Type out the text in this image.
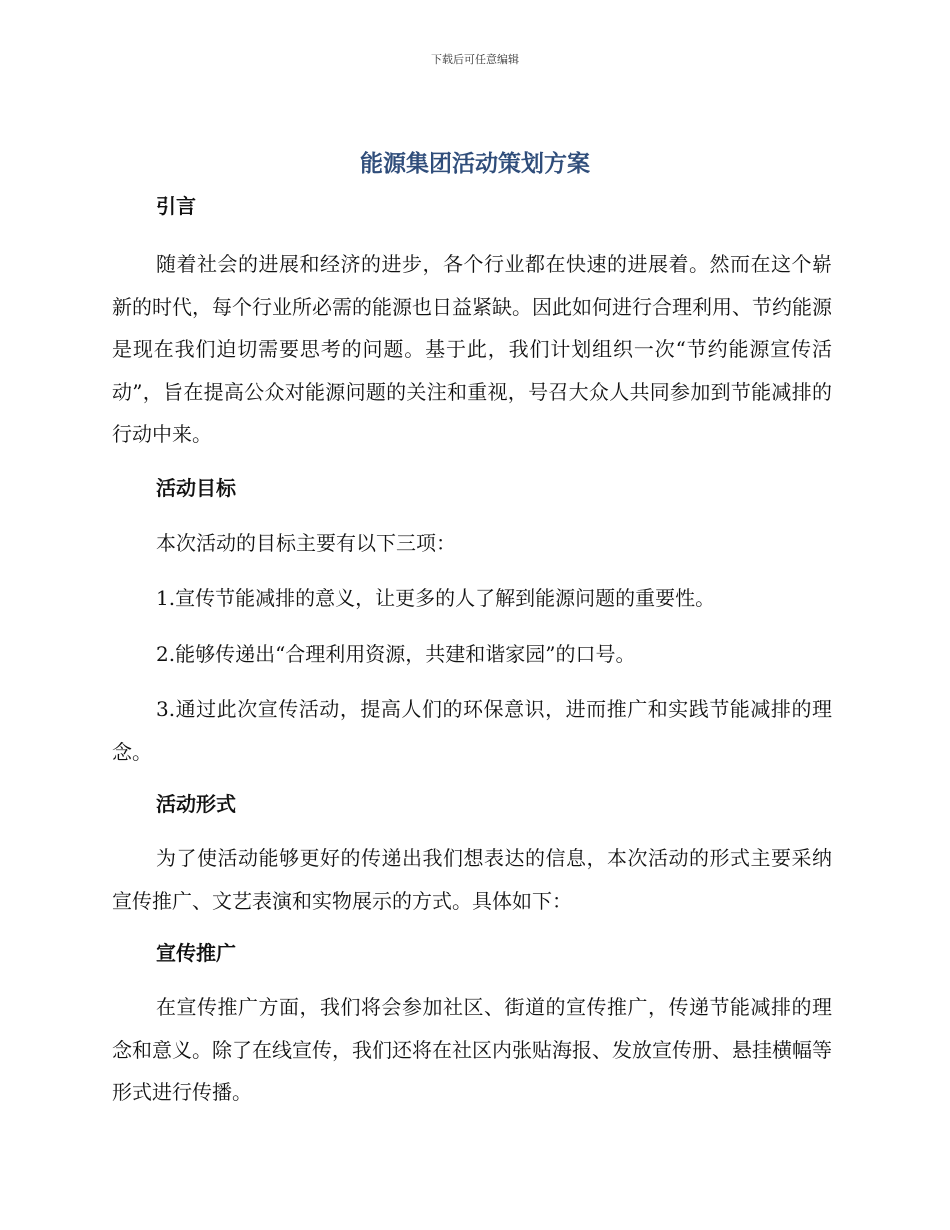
下载后可任意编辑
能源集团活动策划方案
引言

随着社会的进展和经济的进步，各个行业都在快速的进展着。然而在这个崭新的时代，每个行业所必需的能源也日益紧缺。因此如何进行合理利用、节约能源是现在我们迫切需要思考的问题。基于此，我们计划组织一次“节约能源宣传活动”，旨在提高公众对能源问题的关注和重视，号召大众人共同参加到节能减排的行动中来。

活动目标

本次活动的目标主要有以下三项：

1.宣传节能减排的意义，让更多的人了解到能源问题的重要性。

2.能够传递出“合理利用资源，共建和谐家园”的口号。

3.通过此次宣传活动，提高人们的环保意识，进而推广和实践节能减排的理念。

活动形式

为了使活动能够更好的传递出我们想表达的信息，本次活动的形式主要采纳宣传推广、文艺表演和实物展示的方式。具体如下：

宣传推广

在宣传推广方面，我们将会参加社区、街道的宣传推广，传递节能减排的理念和意义。除了在线宣传，我们还将在社区内张贴海报、发放宣传册、悬挂横幅等形式进行传播。
